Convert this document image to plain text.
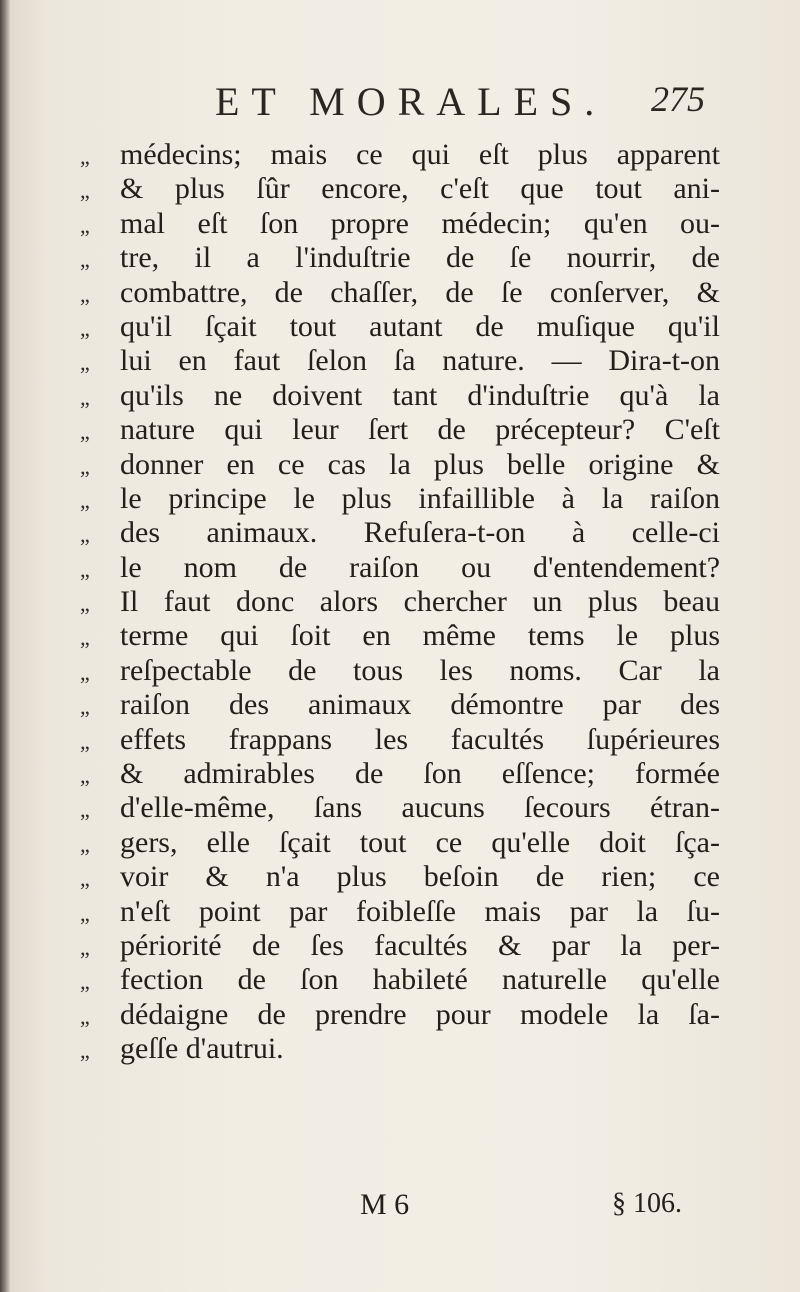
ET MORALES. 275
„	médecins; mais ce qui eſt plus apparent
„	& plus ſûr encore, c'eſt que tout ani-
„	mal eſt ſon propre médecin; qu'en ou-
„	tre, il a l'induſtrie de ſe nourrir, de
„	combattre, de chaſſer, de ſe conſerver, &
„	qu'il ſçait tout autant de muſique qu'il
„	lui en faut ſelon ſa nature. — Dira-t-on
„	qu'ils ne doivent tant d'induſtrie qu'à la
„	nature qui leur ſert de précepteur? C'eſt
„	donner en ce cas la plus belle origine &
„	le principe le plus infaillible à la raiſon
„	des animaux. Refuſera-t-on à celle-ci
„	le nom de raiſon ou d'entendement?
„	Il faut donc alors chercher un plus beau
„	terme qui ſoit en même tems le plus
„	reſpectable de tous les noms. Car la
„	raiſon des animaux démontre par des
„	effets frappans les facultés ſupérieures
„	& admirables de ſon eſſence; formée
„	d'elle-même, ſans aucuns ſecours étran-
„	gers, elle ſçait tout ce qu'elle doit ſça-
„	voir & n'a plus beſoin de rien; ce
„	n'eſt point par foibleſſe mais par la ſu-
„	périorité de ſes facultés & par la per-
„	fection de ſon habileté naturelle qu'elle
„	dédaigne de prendre pour modele la ſa-
„	geſſe d'autrui.
M 6	§ 106.
